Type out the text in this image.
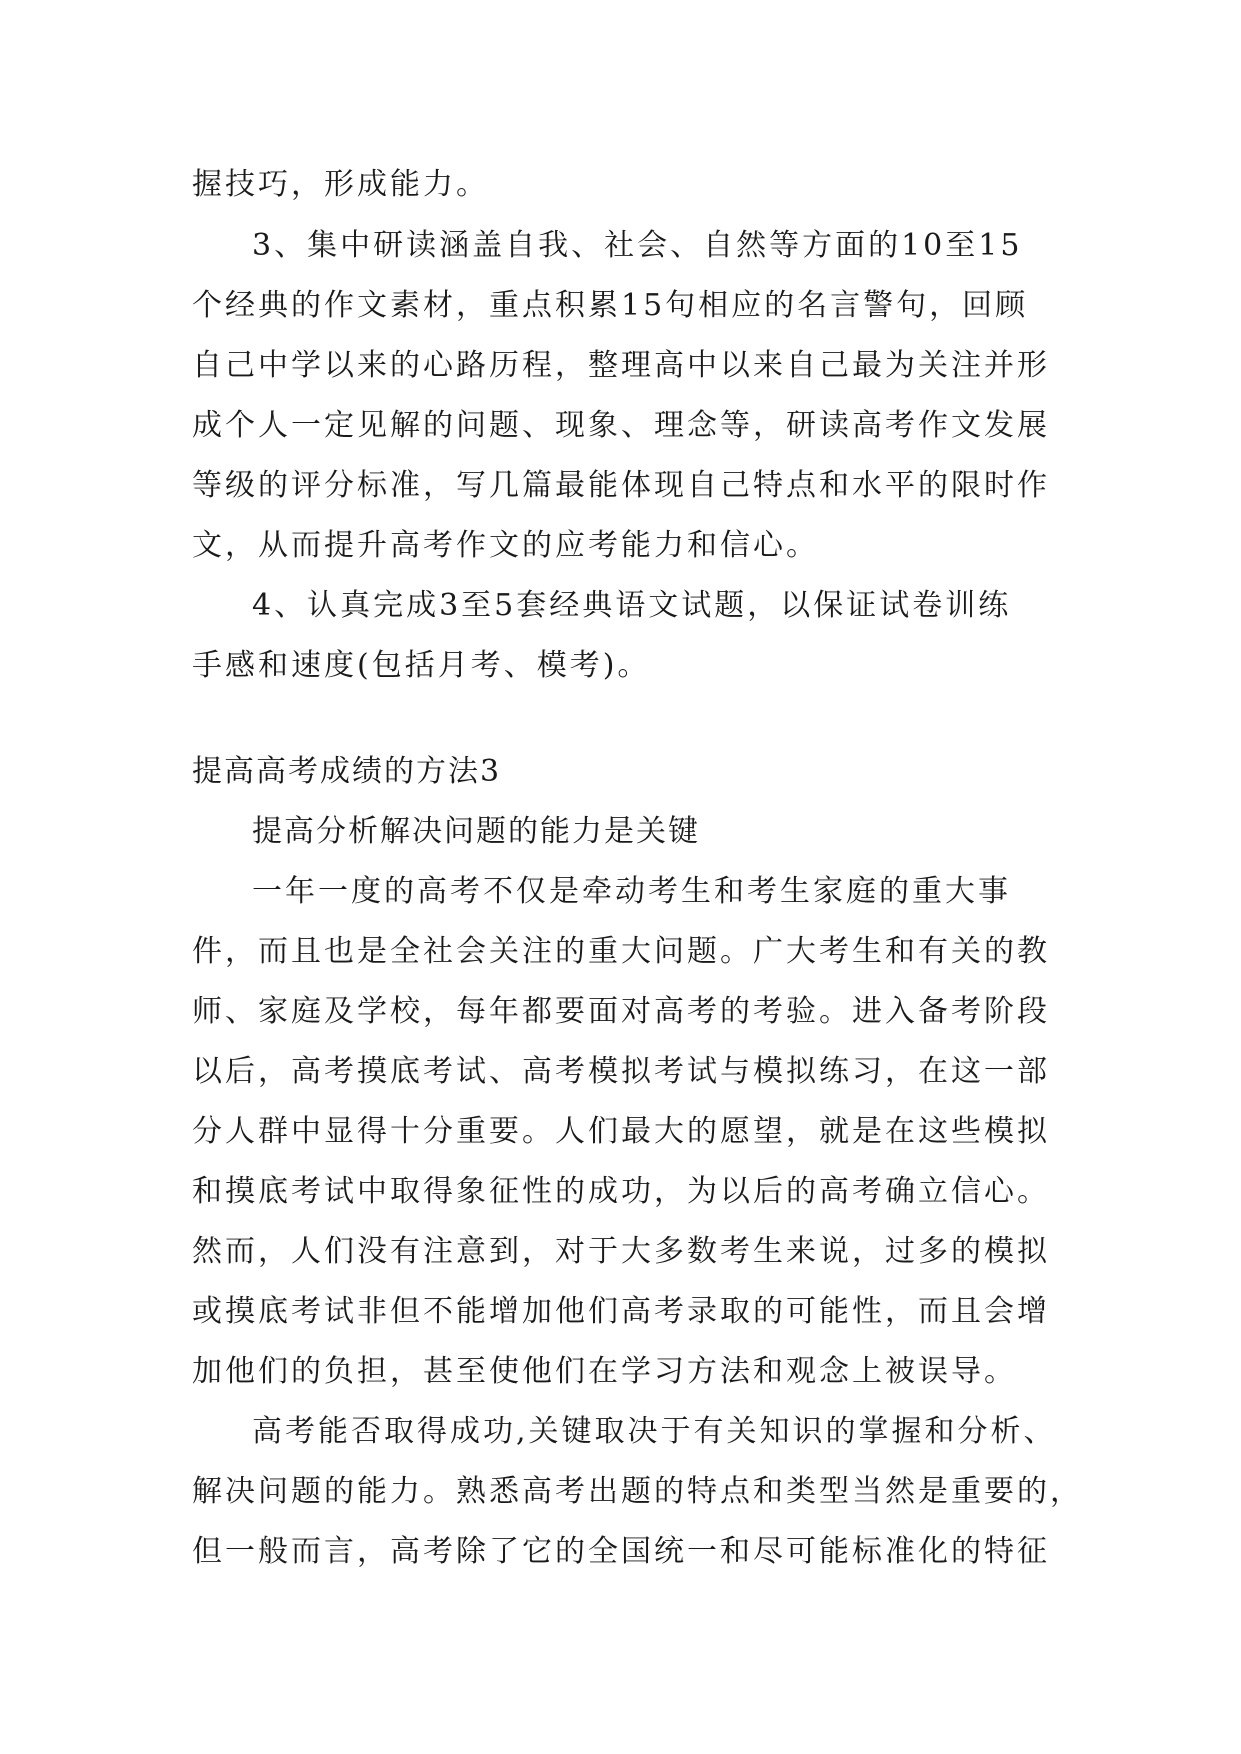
握技巧，形成能力。

3、集中研读涵盖自我、社会、自然等方面的10至15

个经典的作文素材，重点积累15句相应的名言警句，回顾

自己中学以来的心路历程，整理高中以来自己最为关注并形

成个人一定见解的问题、现象、理念等，研读高考作文发展

等级的评分标准，写几篇最能体现自己特点和水平的限时作

文，从而提升高考作文的应考能力和信心。

4、认真完成3至5套经典语文试题，以保证试卷训练

手感和速度(包括月考、模考)。

提高高考成绩的方法3

提高分析解决问题的能力是关键

一年一度的高考不仅是牵动考生和考生家庭的重大事

件，而且也是全社会关注的重大问题。广大考生和有关的教

师、家庭及学校，每年都要面对高考的考验。进入备考阶段

以后，高考摸底考试、高考模拟考试与模拟练习，在这一部

分人群中显得十分重要。人们最大的愿望，就是在这些模拟

和摸底考试中取得象征性的成功，为以后的高考确立信心。

然而，人们没有注意到，对于大多数考生来说，过多的模拟

或摸底考试非但不能增加他们高考录取的可能性，而且会增

加他们的负担，甚至使他们在学习方法和观念上被误导。

高考能否取得成功,关键取决于有关知识的掌握和分析、

解决问题的能力。熟悉高考出题的特点和类型当然是重要的，

但一般而言，高考除了它的全国统一和尽可能标准化的特征
